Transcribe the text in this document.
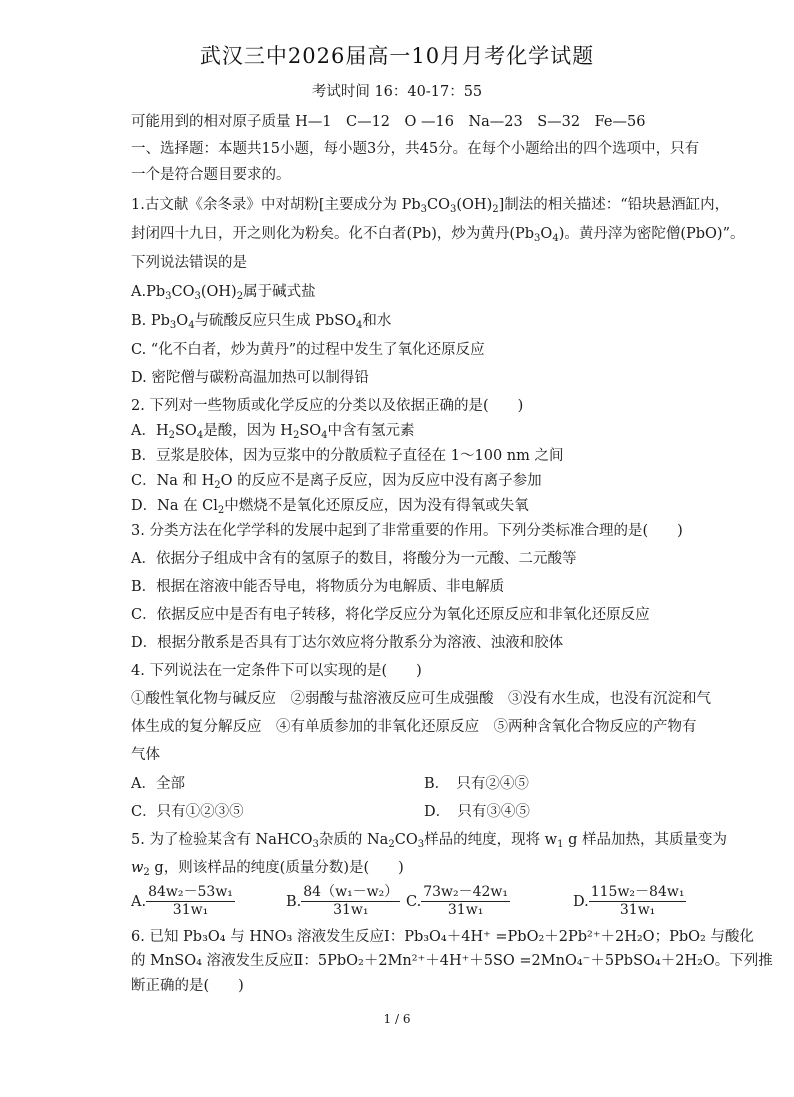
武汉三中2026届高一10月月考化学试题
考试时间 16：40-17：55
可能用到的相对原子质量 H—1　C—12　O —16　Na—23　S—32　Fe—56
一、选择题：本题共15小题，每小题3分，共45分。在每个小题给出的四个选项中，只有
一个是符合题目要求的。
1.古文献《余冬录》中对胡粉[主要成分为 $Pb_3CO_3(OH)_2$]制法的相关描述：“铅块悬酒缸内，
封闭四十九日，开之则化为粉矣。化不白者(Pb)，炒为黄丹$(Pb_3O_4)$。黄丹滓为密陀僧(PbO)”。
下列说法错误的是
$A.Pb_3CO_3(OH)_2$属于碱式盐
B. $Pb_3O_4$与硫酸反应只生成 PbSO$_4$和水
C. “化不白者，炒为黄丹”的过程中发生了氧化还原反应
D. 密陀僧与碳粉高温加热可以制得铅
2. 下列对一些物质或化学反应的分类以及依据正确的是(　　)
A．$H_2SO_4$是酸，因为 $H_2SO_4$中含有氢元素
B．豆浆是胶体，因为豆浆中的分散质粒子直径在 1～100 nm 之间
C．Na 和 $H_2O$ 的反应不是离子反应，因为反应中没有离子参加
D．Na 在 $Cl_2$中燃烧不是氧化还原反应，因为没有得氧或失氧
3. 分类方法在化学学科的发展中起到了非常重要的作用。下列分类标准合理的是(　　)
A．依据分子组成中含有的氢原子的数目，将酸分为一元酸、二元酸等
B．根据在溶液中能否导电，将物质分为电解质、非电解质
C．依据反应中是否有电子转移，将化学反应分为氧化还原反应和非氧化还原反应
D．根据分散系是否具有丁达尔效应将分散系分为溶液、浊液和胶体
4. 下列说法在一定条件下可以实现的是(　　)
①酸性氧化物与碱反应　②弱酸与盐溶液反应可生成强酸　③没有水生成，也没有沉淀和气
体生成的复分解反应　④有单质参加的非氧化还原反应　⑤两种含氧化合物反应的产物有
气体
A．全部	B．　只有②④⑤
C．只有①②③⑤	D．　只有③④⑤
5. 为了检验某含有 NaHCO$_3$杂质的 $Na_2CO_3$样品的纯度，现将 $w_1$ g 样品加热，其质量变为
$w_2$ g，则该样品的纯度(质量分数)是(　　)
A. $\frac{\text{84w₂－53w₁}}{\text{31w₁}}$	B. $\frac{\text{84（w₁－w₂）}}{\text{31w₁}} C$. $\frac{\text{73w₂－42w₁}}{\text{31w₁}}$	D. $\frac{\text{115w₂－84w₁}}{\text{31w₁}}$
6. 已知 Pb₃O₄ 与 HNO₃ 溶液发生反应Ⅰ：Pb₃O₄＋4H⁺ =PbO₂＋2Pb²⁺＋2H₂O；PbO₂ 与酸化
的 MnSO₄ 溶液发生反应Ⅱ：5PbO₂＋2Mn²⁺＋4H⁺＋5SO =2MnO₄⁻＋5PbSO₄＋2H₂O。下列推
断正确的是(　　)
1 / 6
